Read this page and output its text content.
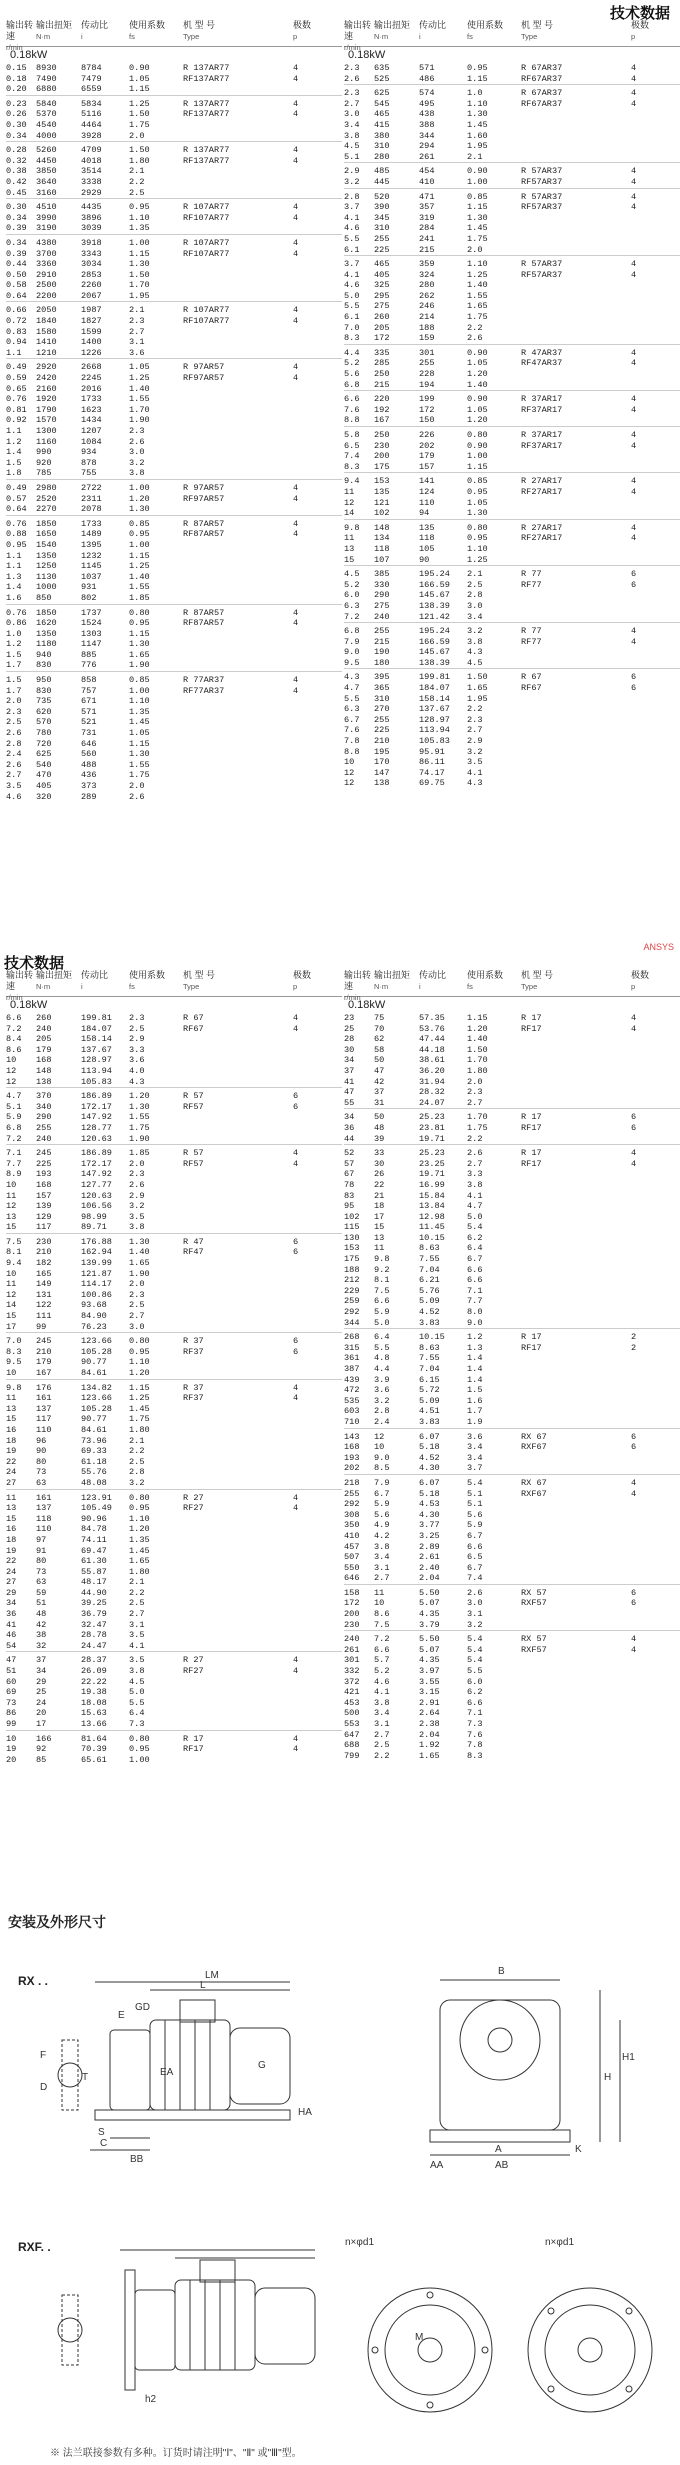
技术数据
输出转速
r/min
输出扭矩
N·m
传动比
i
使用系数
fs
机 型 号
Type
极数
p
0.18kW
0.15	8930	8784	0.90	R 137AR77	4
0.18	7490	7479	1.05	RF137AR77	4
0.20	6880	6559	1.15
0.23	5840	5834	1.25	R 137AR77	4
0.26	5370	5116	1.50	RF137AR77	4
0.30	4540	4464	1.75
0.34	4000	3928	2.0
0.28	5260	4709	1.50	R 137AR77	4
0.32	4450	4018	1.80	RF137AR77	4
0.38	3850	3514	2.1
0.42	3640	3338	2.2
0.45	3160	2929	2.5
0.30	4510	4435	0.95	R 107AR77	4
0.34	3990	3896	1.10	RF107AR77	4
0.39	3190	3039	1.35
0.34	4380	3918	1.00	R 107AR77	4
0.39	3700	3343	1.15	RF107AR77	4
0.44	3360	3034	1.30
0.50	2910	2853	1.50
0.58	2500	2260	1.70
0.64	2200	2067	1.95
0.66	2050	1987	2.1	R 107AR77	4
0.72	1840	1827	2.3	RF107AR77	4
0.83	1580	1599	2.7
0.94	1410	1400	3.1
1.1	1210	1226	3.6
0.49	2920	2668	1.05	R 97AR57	4
0.59	2420	2245	1.25	RF97AR57	4
0.65	2160	2016	1.40
0.76	1920	1733	1.55
0.81	1790	1623	1.70
0.92	1570	1434	1.90
1.1	1300	1207	2.3
1.2	1160	1084	2.6
1.4	990	934	3.0
1.5	920	878	3.2
1.8	785	755	3.8
0.49	2980	2722	1.00	R 97AR57	4
0.57	2520	2311	1.20	RF97AR57	4
0.64	2270	2078	1.30
0.76	1850	1733	0.85	R 87AR57	4
0.88	1650	1489	0.95	RF87AR57	4
0.95	1540	1395	1.00
1.1	1350	1232	1.15
1.1	1250	1145	1.25
1.3	1130	1037	1.40
1.4	1000	931	1.55
1.6	850	802	1.85
0.76	1850	1737	0.80	R 87AR57	4
0.86	1620	1524	0.95	RF87AR57	4
1.0	1350	1303	1.15
1.2	1180	1147	1.30
1.5	940	885	1.65
1.7	830	776	1.90
1.5	950	858	0.85	R 77AR37	4
1.7	830	757	1.00	RF77AR37	4
2.0	735	671	1.10
2.3	620	571	1.35
2.5	570	521	1.45
2.6	780	731	1.05
2.8	720	646	1.15
2.4	625	560	1.30
2.6	540	488	1.55
2.7	470	436	1.75
3.5	405	373	2.0
4.6	320	289	2.6
输出转速
r/min
输出扭矩
N·m
传动比
i
使用系数
fs
机 型 号
Type
极数
p
0.18kW
2.3	635	571	0.95	R 67AR37	4
2.6	525	486	1.15	RF67AR37	4
2.3	625	574	1.0	R 67AR37	4
2.7	545	495	1.10	RF67AR37	4
3.0	465	438	1.30
3.4	415	388	1.45
3.8	380	344	1.60
4.5	310	294	1.95
5.1	280	261	2.1
2.9	485	454	0.90	R 57AR37	4
3.2	445	410	1.00	RF57AR37	4
2.8	520	471	0.85	R 57AR37	4
3.7	390	357	1.15	RF57AR37	4
4.1	345	319	1.30
4.6	310	284	1.45
5.5	255	241	1.75
6.1	225	215	2.0
3.7	465	359	1.10	R 57AR37	4
4.1	405	324	1.25	RF57AR37	4
4.6	325	280	1.40
5.0	295	262	1.55
5.5	275	246	1.65
6.1	260	214	1.75
7.0	205	188	2.2
8.3	172	159	2.6
4.4	335	301	0.90	R 47AR37	4
5.2	285	255	1.05	RF47AR37	4
5.6	250	228	1.20
6.8	215	194	1.40
6.6	220	199	0.90	R 37AR17	4
7.6	192	172	1.05	RF37AR17	4
8.8	167	150	1.20
5.8	250	226	0.80	R 37AR17	4
6.5	230	202	0.90	RF37AR17	4
7.4	200	179	1.00
8.3	175	157	1.15
9.4	153	141	0.85	R 27AR17	4
11	135	124	0.95	RF27AR17	4
12	121	110	1.05
14	102	94	1.30
9.8	148	135	0.80	R 27AR17	4
11	134	118	0.95	RF27AR17	4
13	118	105	1.10
15	107	90	1.25
4.5	385	195.24	2.1	R 77	6
5.2	330	166.59	2.5	RF77	6
6.0	290	145.67	2.8
6.3	275	138.39	3.0
7.2	240	121.42	3.4
6.8	255	195.24	3.2	R 77	4
7.9	215	166.59	3.8	RF77	4
9.0	190	145.67	4.3
9.5	180	138.39	4.5
4.3	395	199.81	1.50	R 67	6
4.7	365	184.07	1.65	RF67	6
5.5	310	158.14	1.95
6.3	270	137.67	2.2
6.7	255	128.97	2.3
7.6	225	113.94	2.7
7.8	210	105.83	2.9
8.8	195	95.91	3.2
10	170	86.11	3.5
12	147	74.17	4.1
12	138	69.75	4.3
技术数据
ANSYS
输出转速
r/min
输出扭矩
N·m
传动比
i
使用系数
fs
机 型 号
Type
极数
p
0.18kW
6.6	260	199.81	2.3	R 67	4
7.2	240	184.07	2.5	RF67	4
8.4	205	158.14	2.9
8.6	179	137.67	3.3
10	168	128.97	3.6
12	148	113.94	4.0
12	138	105.83	4.3
4.7	370	186.89	1.20	R 57	6
5.1	340	172.17	1.30	RF57	6
5.9	290	147.92	1.55
6.8	255	128.77	1.75
7.2	240	120.63	1.90
7.1	245	186.89	1.85	R 57	4
7.7	225	172.17	2.0	RF57	4
8.9	193	147.92	2.3
10	168	127.77	2.6
11	157	120.63	2.9
12	139	106.56	3.2
13	129	98.99	3.5
15	117	89.71	3.8
7.5	230	176.88	1.30	R 47	6
8.1	210	162.94	1.40	RF47	6
9.4	182	139.99	1.65
10	165	121.87	1.90
11	149	114.17	2.0
12	131	100.86	2.3
14	122	93.68	2.5
15	111	84.90	2.7
17	99	76.23	3.0
7.0	245	123.66	0.80	R 37	6
8.3	210	105.28	0.95	RF37	6
9.5	179	90.77	1.10
10	167	84.61	1.20
9.8	176	134.82	1.15	R 37	4
11	161	123.66	1.25	RF37	4
13	137	105.28	1.45
15	117	90.77	1.75
16	110	84.61	1.80
18	96	73.96	2.1
19	90	69.33	2.2
22	80	61.18	2.5
24	73	55.76	2.8
27	63	48.08	3.2
11	161	123.91	0.80	R 27	4
13	137	105.49	0.95	RF27	4
15	118	90.96	1.10
16	110	84.78	1.20
18	97	74.11	1.35
19	91	69.47	1.45
22	80	61.30	1.65
24	73	55.87	1.80
27	63	48.17	2.1
29	59	44.90	2.2
34	51	39.25	2.5
36	48	36.79	2.7
41	42	32.47	3.1
46	38	28.78	3.5
54	32	24.47	4.1
47	37	28.37	3.5	R 27	4
51	34	26.09	3.8	RF27	4
60	29	22.22	4.5
69	25	19.38	5.0
73	24	18.08	5.5
86	20	15.63	6.4
99	17	13.66	7.3
10	166	81.64	0.80	R 17	4
19	92	70.39	0.95	RF17	4
20	85	65.61	1.00
输出转速
r/min
输出扭矩
N·m
传动比
i
使用系数
fs
机 型 号
Type
极数
p
0.18kW
23	75	57.35	1.15	R 17	4
25	70	53.76	1.20	RF17	4
28	62	47.44	1.40
30	58	44.18	1.50
34	50	38.61	1.70
37	47	36.20	1.80
41	42	31.94	2.0
47	37	28.32	2.3
55	31	24.07	2.7
34	50	25.23	1.70	R 17	6
36	48	23.81	1.75	RF17	6
44	39	19.71	2.2
52	33	25.23	2.6	R 17	4
57	30	23.25	2.7	RF17	4
67	26	19.71	3.3
78	22	16.99	3.8
83	21	15.84	4.1
95	18	13.84	4.7
102	17	12.98	5.0
115	15	11.45	5.4
130	13	10.15	6.2
153	11	8.63	6.4
175	9.8	7.55	6.7
188	9.2	7.04	6.6
212	8.1	6.21	6.6
229	7.5	5.76	7.1
259	6.6	5.09	7.7
292	5.9	4.52	8.0
344	5.0	3.83	9.0
268	6.4	10.15	1.2	R 17	2
315	5.5	8.63	1.3	RF17	2
361	4.8	7.55	1.4
387	4.4	7.04	1.4
439	3.9	6.15	1.4
472	3.6	5.72	1.5
535	3.2	5.09	1.6
603	2.8	4.51	1.7
710	2.4	3.83	1.9
143	12	6.07	3.6	RX 67	6
168	10	5.18	3.4	RXF67	6
193	9.0	4.52	3.4
202	8.5	4.30	3.7
218	7.9	6.07	5.4	RX 67	4
255	6.7	5.18	5.1	RXF67	4
292	5.9	4.53	5.1
308	5.6	4.30	5.6
350	4.9	3.77	5.9
410	4.2	3.25	6.7
457	3.8	2.89	6.6
507	3.4	2.61	6.5
550	3.1	2.40	6.7
646	2.7	2.04	7.4
158	11	5.50	2.6	RX 57	6
172	10	5.07	3.0	RXF57	6
200	8.6	4.35	3.1
230	7.5	3.79	3.2
240	7.2	5.50	5.4	RX 57	4
261	6.6	5.07	5.4	RXF57	4
301	5.7	4.35	5.4
332	5.2	3.97	5.5
372	4.6	3.55	6.0
421	4.1	3.15	6.2
453	3.8	2.91	6.6
500	3.4	2.64	7.1
553	3.1	2.38	7.3
647	2.7	2.04	7.6
688	2.5	1.92	7.8
799	2.2	1.65	8.3
安装及外形尺寸
RX . .
RXF. .
LM
L
B
E
F
T
D
S
C
BB
H1
H
HA
A
AB
AA
K
G
M
n×φd1	n×φd1
h2
GD
EA
※ 法兰联接参数有多种。订货时请注明"Ⅰ"、"Ⅱ" 或"Ⅲ"型。
